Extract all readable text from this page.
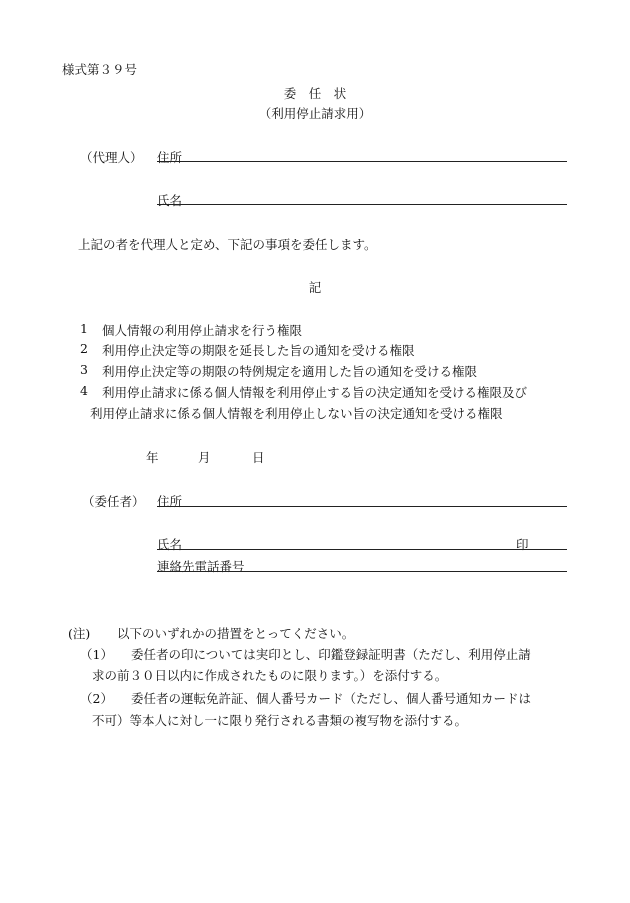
様式第３９号
委　任　状
（利用停止請求用）
（代理人） 住所
氏名
上記の者を代理人と定め、下記の事項を委任します。
記
1 個人情報の利用停止請求を行う権限
2 利用停止決定等の期限を延長した旨の通知を受ける権限
3 利用停止決定等の期限の特例規定を適用した旨の通知を受ける権限
4 利用停止請求に係る個人情報を利用停止する旨の決定通知を受ける権限及び
利用停止請求に係る個人情報を利用停止しない旨の決定通知を受ける権限
年	月	日
（委任者） 住所
氏名	印
連絡先電話番号
(注) 以下のいずれかの措置をとってください。
（1） 委任者の印については実印とし、印鑑登録証明書（ただし、利用停止請
求の前３０日以内に作成されたものに限ります。）を添付する。
（2） 委任者の運転免許証、個人番号カード（ただし、個人番号通知カードは
不可）等本人に対し一に限り発行される書類の複写物を添付する。
